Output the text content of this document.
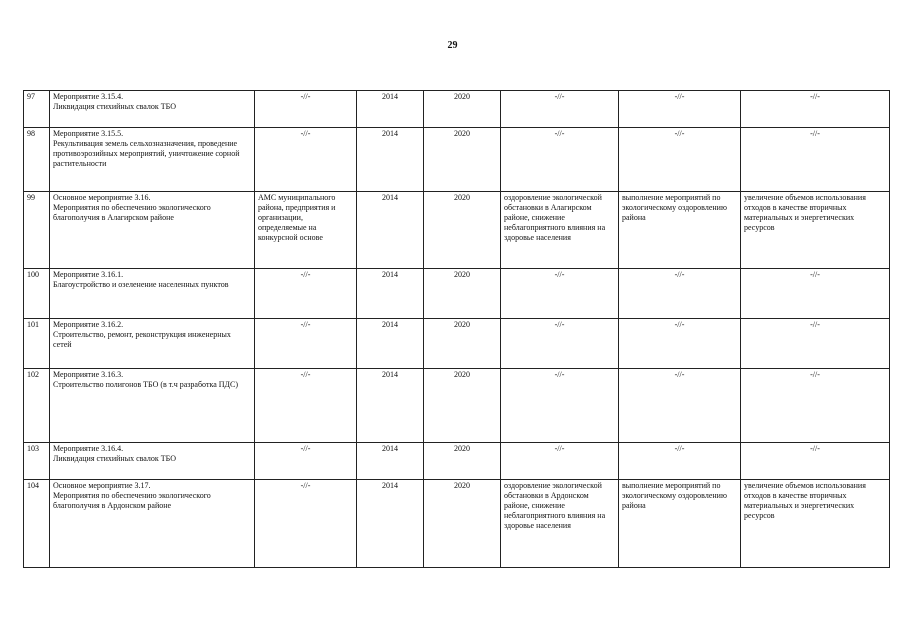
29
97	Мероприятие 3.15.4.
Ликвидация стихийных свалок ТБО	-//-	2014	2020	-//-	-//-	-//-
98	Мероприятие 3.15.5.
Рекультивация земель сельхозназначения, проведение противоэрозийных мероприятий, уничтожение сорной растительности	-//-	2014	2020	-//-	-//-	-//-
99	Основное мероприятие 3.16.
Мероприятия по обеспечению экологического благополучия в Алагирском районе	АМС муниципального района, предприятия и организации, определяемые на конкурсной основе	2014	2020	оздоровление экологической обстановки в Алагирском районе, снижение неблагоприятного влияния на здоровье населения	выполнение мероприятий по экологическому оздоровлению района	увеличение объемов использования отходов в качестве вторичных материальных и энергетических ресурсов
100	Мероприятие 3.16.1.
Благоустройство и озеленение населенных пунктов	-//-	2014	2020	-//-	-//-	-//-
101	Мероприятие 3.16.2.
Строительство, ремонт, реконструкция инженерных сетей	-//-	2014	2020	-//-	-//-	-//-
102	Мероприятие 3.16.3.
Строительство полигонов ТБО (в т.ч разработка ПДС)	-//-	2014	2020	-//-	-//-	-//-
103	Мероприятие 3.16.4.
Ликвидация стихийных свалок ТБО	-//-	2014	2020	-//-	-//-	-//-
104	Основное мероприятие 3.17.
Мероприятия по обеспечению экологического благополучия в Ардонском районе	-//-	2014	2020	оздоровление экологической обстановки в Ардонском районе, снижение неблагоприятного влияния на здоровье населения	выполнение мероприятий по экологическому оздоровлению района	увеличение объемов использования отходов в качестве вторичных материальных и энергетических ресурсов
